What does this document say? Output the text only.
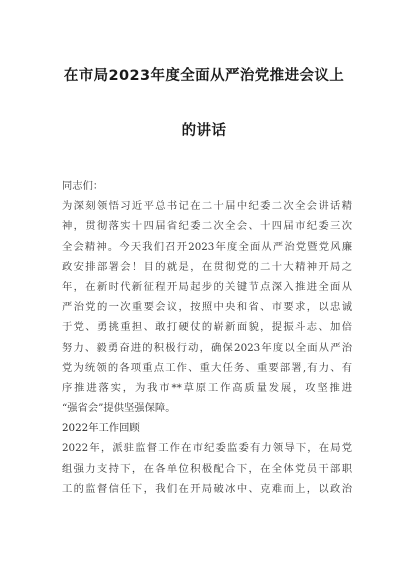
在市局2023年度全面从严治党推进会议上
的讲话
同志们：
为深刻领悟习近平总书记在二十届中纪委二次全会讲话精
神，贯彻落实十四届省纪委二次全会、十四届市纪委三次
全会精神。今天我们召开2023年度全面从严治党暨党风廉
政安排部署会！目的就是，在贯彻党的二十大精神开局之
年，在新时代新征程开局起步的关键节点深入推进全面从
严治党的一次重要会议，按照中央和省、市要求，以忠诚
于党、勇挑重担、敢打硬仗的崭新面貌，提振斗志、加倍
努力、毅勇奋进的积极行动，确保2023年度以全面从严治
党为统领的各项重点工作、重大任务、重要部署,有力、有
序推进落实，为我市**草原工作高质量发展，攻坚推进
“强省会”提供坚强保障。
2022年工作回顾
2022年，派驻监督工作在市纪委监委有力领导下，在局党
组强力支持下，在各单位积极配合下，在全体党员干部职
工的监督信任下，我们在开局破冰中、克难而上，以政治
